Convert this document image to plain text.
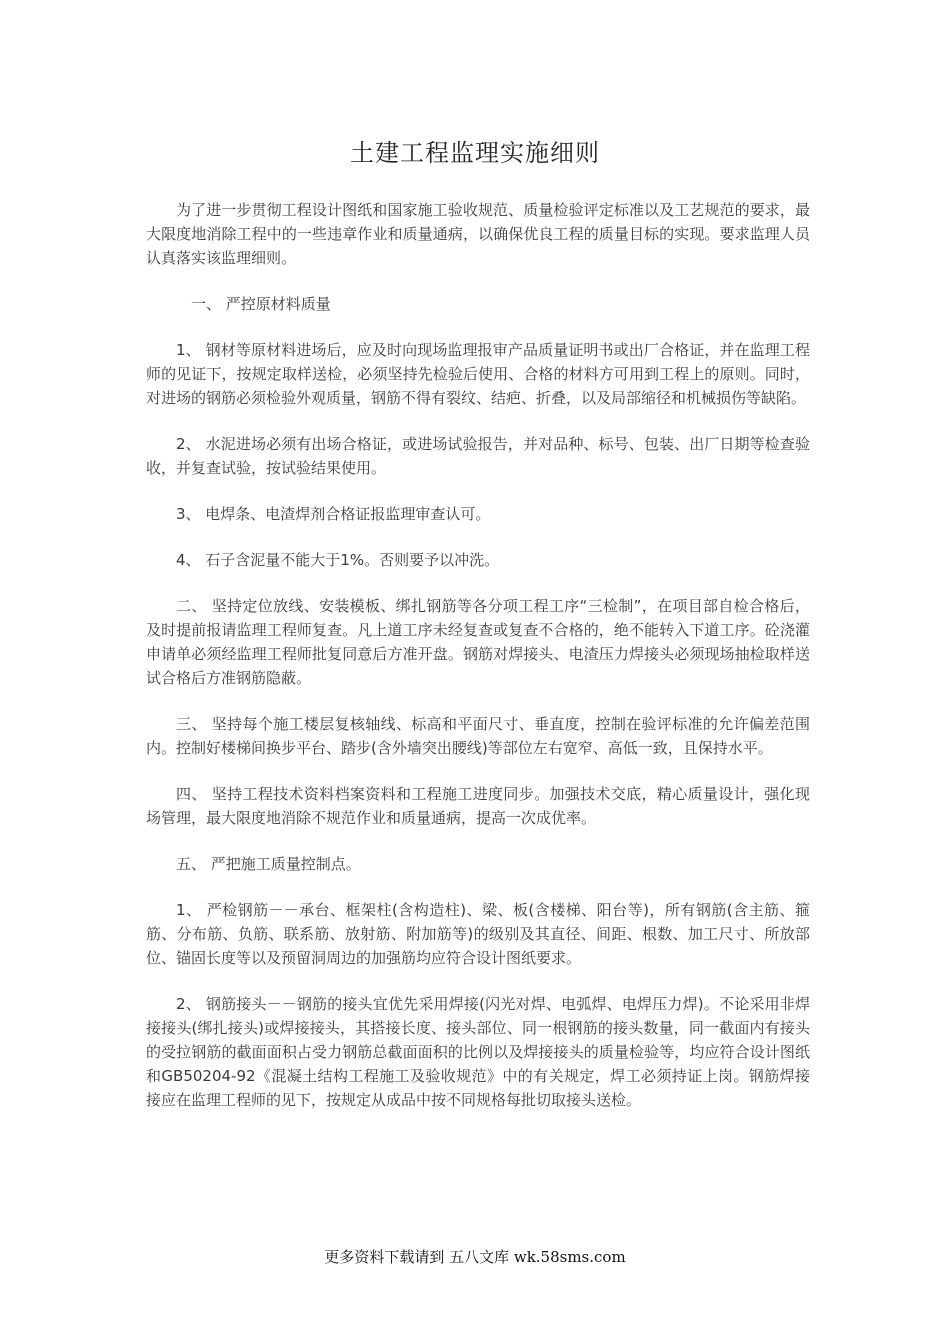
土建工程监理实施细则

为了进一步贯彻工程设计图纸和国家施工验收规范、质量检验评定标准以及工艺规范的要求，最大限度地消除工程中的一些违章作业和质量通病，以确保优良工程的质量目标的实现。要求监理人员认真落实该监理细则。

一、 严控原材料质量

1、 钢材等原材料进场后，应及时向现场监理报审产品质量证明书或出厂合格证，并在监理工程师的见证下，按规定取样送检，必须坚持先检验后使用、合格的材料方可用到工程上的原则。同时，对进场的钢筋必须检验外观质量，钢筋不得有裂纹、结疤、折叠，以及局部缩径和机械损伤等缺陷。

2、 水泥进场必须有出场合格证，或进场试验报告，并对品种、标号、包装、出厂日期等检查验收，并复查试验，按试验结果使用。

3、 电焊条、电渣焊剂合格证报监理审查认可。

4、 石子含泥量不能大于1%。否则要予以冲洗。

二、 坚持定位放线、安装模板、绑扎钢筋等各分项工程工序“三检制”，在项目部自检合格后，及时提前报请监理工程师复查。凡上道工序未经复查或复查不合格的，绝不能转入下道工序。砼浇灌申请单必须经监理工程师批复同意后方准开盘。钢筋对焊接头、电渣压力焊接头必须现场抽检取样送试合格后方准钢筋隐蔽。

三、 坚持每个施工楼层复核轴线、标高和平面尺寸、垂直度，控制在验评标准的允许偏差范围内。控制好楼梯间换步平台、踏步(含外墙突出腰线)等部位左右宽窄、高低一致，且保持水平。

四、 坚持工程技术资料档案资料和工程施工进度同步。加强技术交底，精心质量设计，强化现场管理，最大限度地消除不规范作业和质量通病，提高一次成优率。

五、 严把施工质量控制点。

1、 严检钢筋－－承台、框架柱(含构造柱)、梁、板(含楼梯、阳台等)，所有钢筋(含主筋、箍筋、分布筋、负筋、联系筋、放射筋、附加筋等)的级别及其直径、间距、根数、加工尺寸、所放部位、锚固长度等以及预留洞周边的加强筋均应符合设计图纸要求。

2、 钢筋接头－－钢筋的接头宜优先采用焊接(闪光对焊、电弧焊、电焊压力焊)。不论采用非焊接接头(绑扎接头)或焊接接头，其搭接长度、接头部位、同一根钢筋的接头数量，同一截面内有接头的受拉钢筋的截面面积占受力钢筋总截面面积的比例以及焊接接头的质量检验等，均应符合设计图纸和GB50204-92《混凝土结构工程施工及验收规范》中的有关规定，焊工必须持证上岗。钢筋焊接接应在监理工程师的见下，按规定从成品中按不同规格每批切取接头送检。

更多资料下载请到 五八文库 wk.58sms.com
